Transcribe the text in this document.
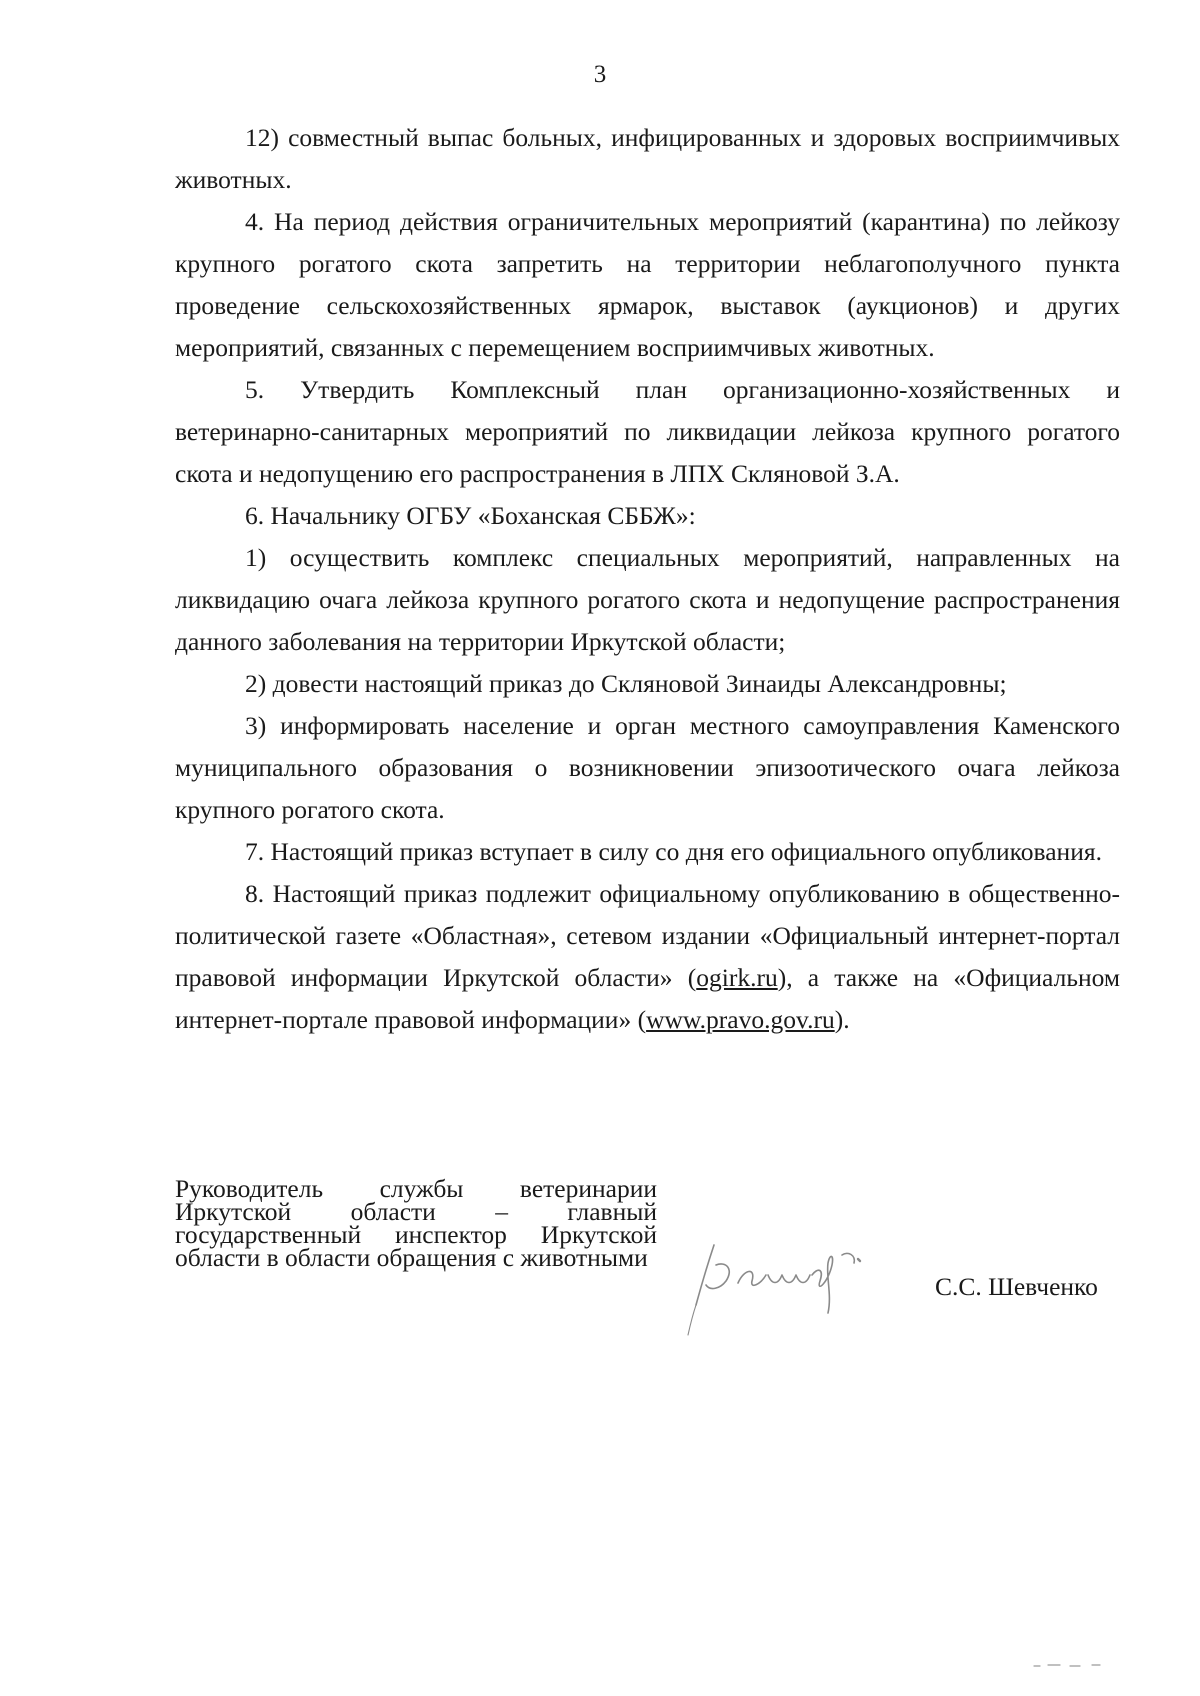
3

12) совместный выпас больных, инфицированных и здоровых восприимчивых животных.

4. На период действия ограничительных мероприятий (карантина) по лейкозу крупного рогатого скота запретить на территории неблагополучного пункта проведение сельскохозяйственных ярмарок, выставок (аукционов) и других мероприятий, связанных с перемещением восприимчивых животных.

5. Утвердить Комплексный план организационно-хозяйственных и ветеринарно-санитарных мероприятий по ликвидации лейкоза крупного рогатого скота и недопущению его распространения в ЛПХ Скляновой З.А.

6. Начальнику ОГБУ «Боханская СББЖ»:

1) осуществить комплекс специальных мероприятий, направленных на ликвидацию очага лейкоза крупного рогатого скота и недопущение распространения данного заболевания на территории Иркутской области;

2) довести настоящий приказ до Скляновой Зинаиды Александровны;

3) информировать население и орган местного самоуправления Каменского муниципального образования о возникновении эпизоотического очага лейкоза крупного рогатого скота.

7. Настоящий приказ вступает в силу со дня его официального опубликования.

8. Настоящий приказ подлежит официальному опубликованию в общественно-политической газете «Областная», сетевом издании «Официальный интернет-портал правовой информации Иркутской области» (ogirk.ru), а также на «Официальном интернет-портале правовой информации» (www.pravo.gov.ru).

Руководитель службы ветеринарии Иркутской области – главный государственный инспектор Иркутской области в области обращения с животными
С.С. Шевченко
